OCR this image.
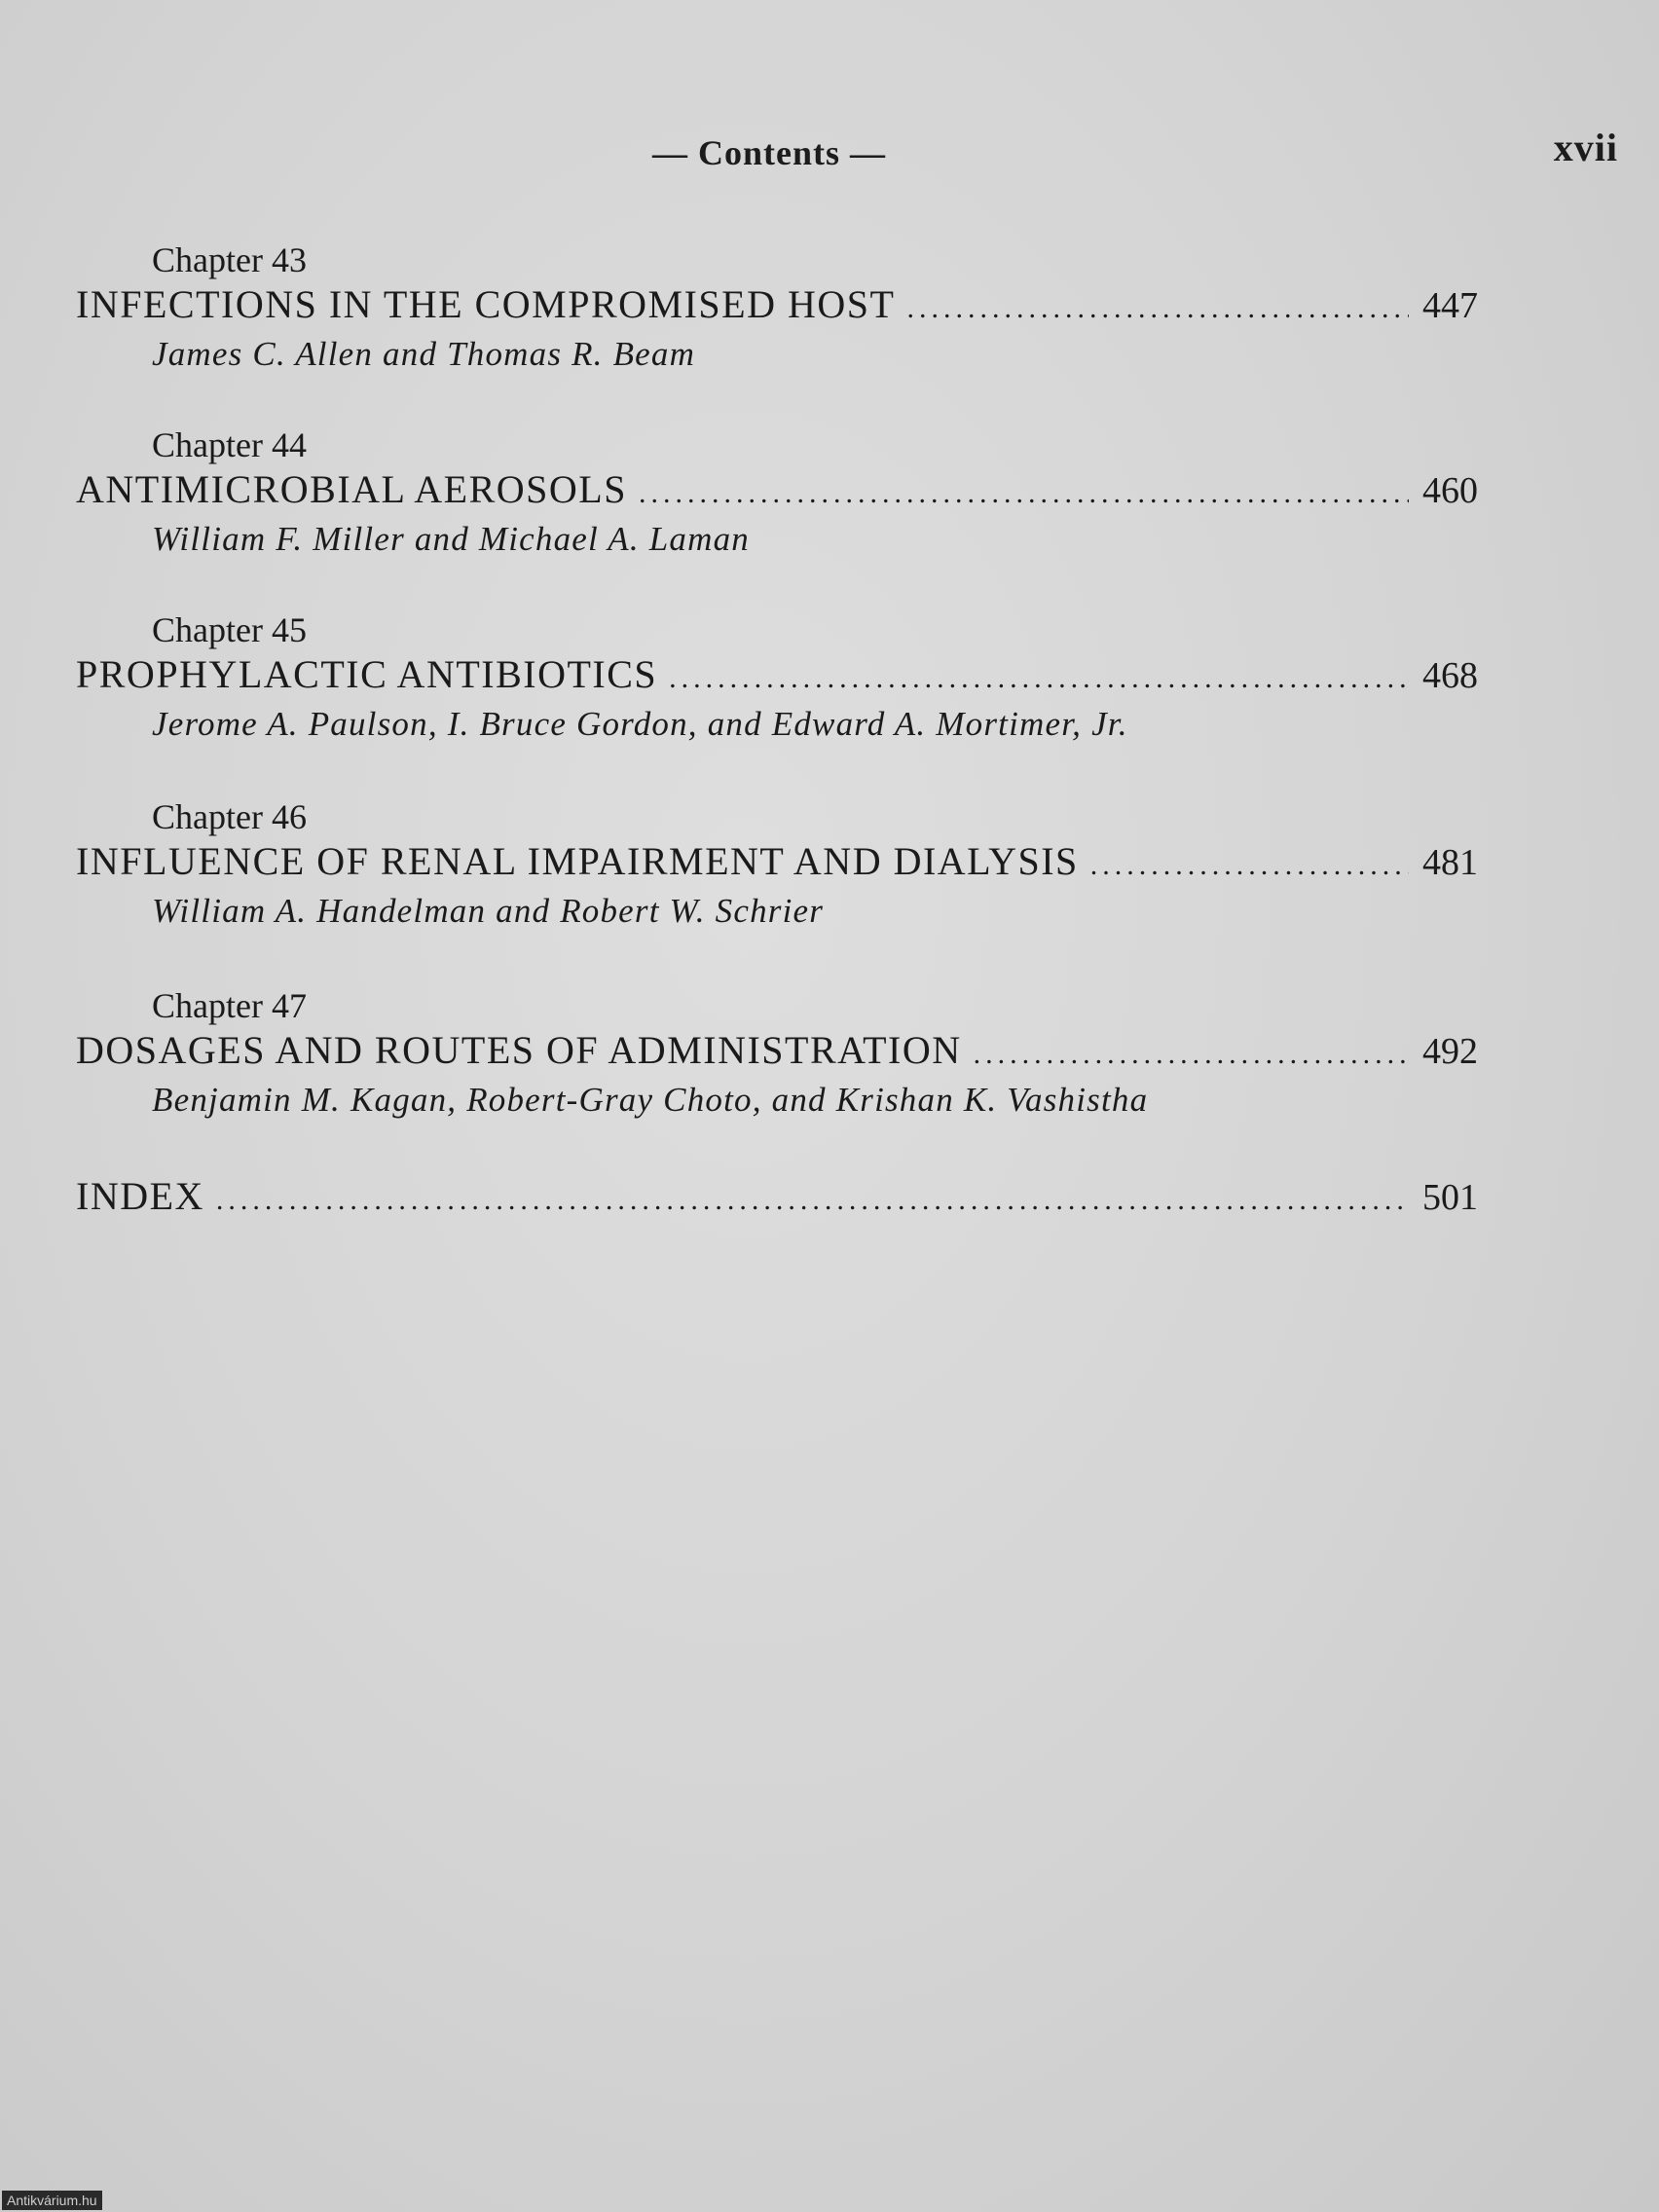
— Contents —	xvii
Chapter 43
INFECTIONS IN THE COMPROMISED HOST .....	447
James C. Allen and Thomas R. Beam
Chapter 44
ANTIMICROBIAL AEROSOLS .....	460
William F. Miller and Michael A. Laman
Chapter 45
PROPHYLACTIC ANTIBIOTICS .....	468
Jerome A. Paulson, I. Bruce Gordon, and Edward A. Mortimer, Jr.
Chapter 46
INFLUENCE OF RENAL IMPAIRMENT AND DIALYSIS .....	481
William A. Handelman and Robert W. Schrier
Chapter 47
DOSAGES AND ROUTES OF ADMINISTRATION .....	492
Benjamin M. Kagan, Robert-Gray Choto, and Krishan K. Vashistha
INDEX .....	501
Antikvárium.hu
